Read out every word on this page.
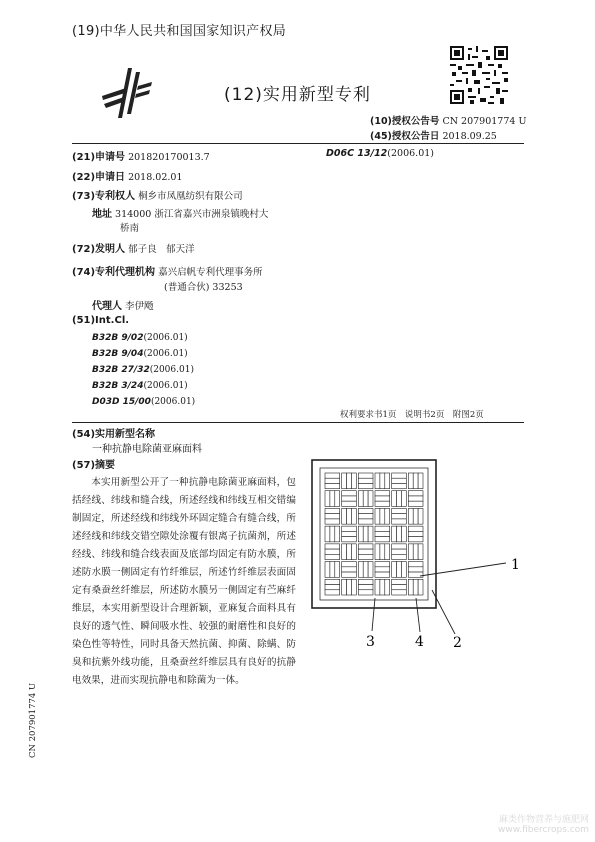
(19)中华人民共和国国家知识产权局
(12)实用新型专利
(10)授权公告号 CN 207901774 U
(45)授权公告日 2018.09.25
(21)申请号 201820170013.7	D06C 13/12(2006.01)
(22)申请日 2018.02.01
(73)专利权人 桐乡市凤凰纺织有限公司
地址 314000 浙江省嘉兴市洲泉镇晚村大
桥南
(72)发明人 郁子良　郁天洋
(74)专利代理机构 嘉兴启帆专利代理事务所
(普通合伙) 33253
代理人 李伊飏
(51)Int.Cl.
B32B 9/02(2006.01)
B32B 9/04(2006.01)
B32B 27/32(2006.01)
B32B 3/24(2006.01)
D03D 15/00(2006.01)
权利要求书1页　说明书2页　附图2页
(54)实用新型名称
一种抗静电除菌亚麻面料
(57)摘要
本实用新型公开了一种抗静电除菌亚麻面料，包括经线、纬线和缝合线，所述经线和纬线互相交错编制固定，所述经线和纬线外环固定缝合有缝合线，所述经线和纬线交错空隙处涂覆有银离子抗菌剂，所述经线、纬线和缝合线表面及底部均固定有防水膜，所述防水膜一侧固定有竹纤维层，所述竹纤维层表面固定有桑蚕丝纤维层，所述防水膜另一侧固定有苎麻纤维层，本实用新型设计合理新颖，亚麻复合面料具有良好的透气性、瞬间吸水性、较强的耐磨性和良好的染色性等特性，同时具备天然抗菌、抑菌、除螨、防臭和抗紫外线功能，且桑蚕丝纤维层具有良好的抗静电效果，进而实现抗静电和除菌为一体。
1
3	4 2
CN 207901774 U
麻类作物营养与施肥网
www.fibercrops.com
